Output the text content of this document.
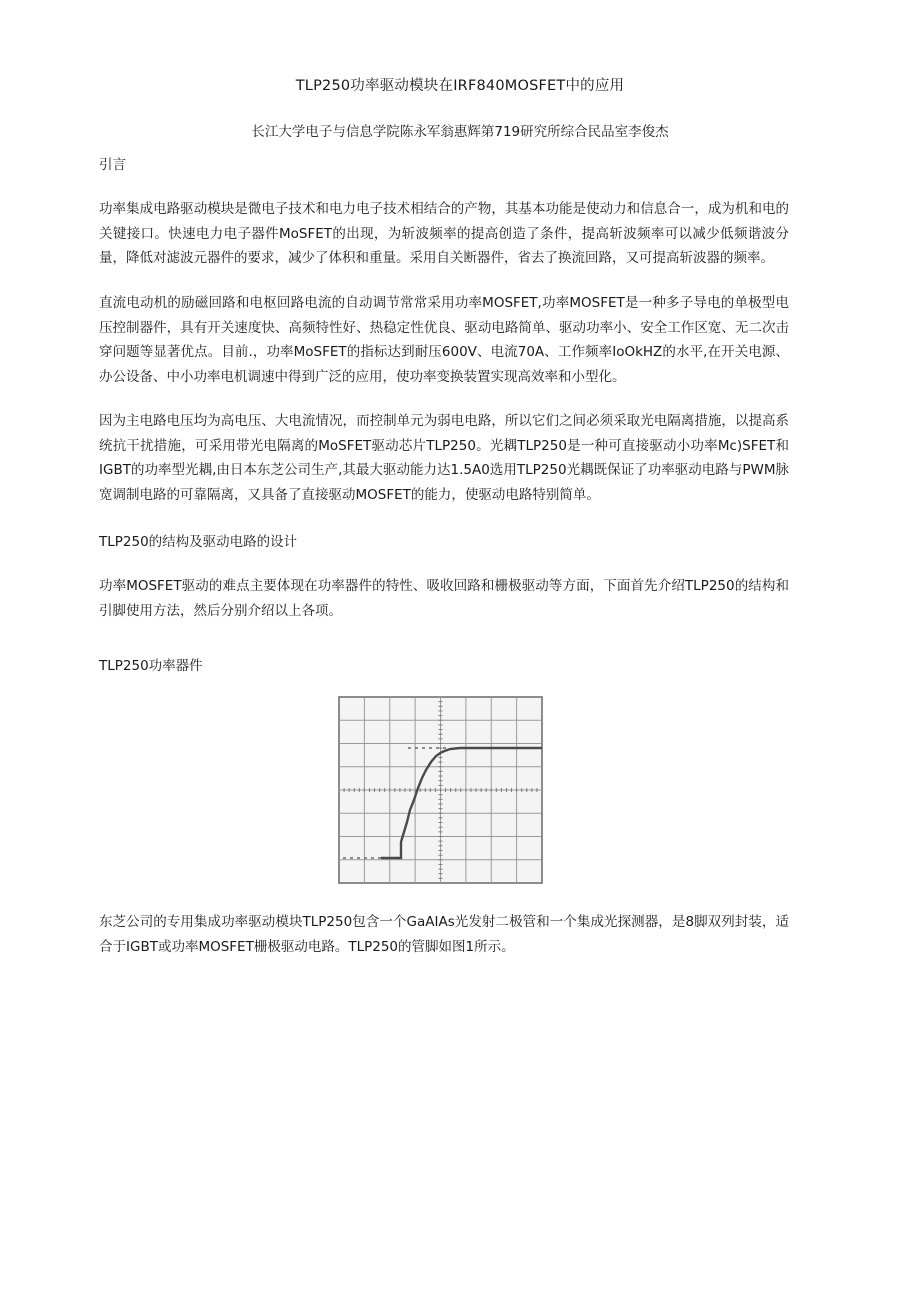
TLP250功率驱动模块在IRF840MOSFET中的应用
长江大学电子与信息学院陈永军翁惠辉第719研究所综合民品室李俊杰
引言

功率集成电路驱动模块是微电子技术和电力电子技术相结合的产物，其基本功能是使动力和信息合一，成为机和电的关键接口。快速电力电子器件MoSFET的出现，为斩波频率的提高创造了条件，提高斩波频率可以减少低频谐波分量，降低对滤波元器件的要求，减少了体积和重量。采用自关断器件，省去了换流回路，又可提高斩波器的频率。

直流电动机的励磁回路和电枢回路电流的自动调节常常采用功率MOSFET,功率MOSFET是一种多子导电的单极型电压控制器件，具有开关速度快、高频特性好、热稳定性优良、驱动电路简单、驱动功率小、安全工作区宽、无二次击穿问题等显著优点。目前.，功率MoSFET的指标达到耐压600V、电流70A、工作频率IoOkHZ的水平,在开关电源、办公设备、中小功率电机调速中得到广泛的应用，使功率变换装置实现高效率和小型化。

因为主电路电压均为高电压、大电流情况，而控制单元为弱电电路，所以它们之间必须采取光电隔离措施，以提高系统抗干扰措施，可采用带光电隔离的MoSFET驱动芯片TLP250。光耦TLP250是一种可直接驱动小功率Mc)SFET和IGBT的功率型光耦,由日本东芝公司生产,其最大驱动能力达1.5A0选用TLP250光耦既保证了功率驱动电路与PWM脉宽调制电路的可靠隔离，又具备了直接驱动MOSFET的能力，使驱动电路特别简单。

TLP250的结构及驱动电路的设计

功率MOSFET驱动的难点主要体现在功率器件的特性、吸收回路和栅极驱动等方面，下面首先介绍TLP250的结构和引脚使用方法，然后分别介绍以上各项。

TLP250功率器件

东芝公司的专用集成功率驱动模块TLP250包含一个GaAIAs光发射二极管和一个集成光探测器，是8脚双列封装，适合于IGBT或功率MOSFET栅极驱动电路。TLP250的管脚如图1所示。
